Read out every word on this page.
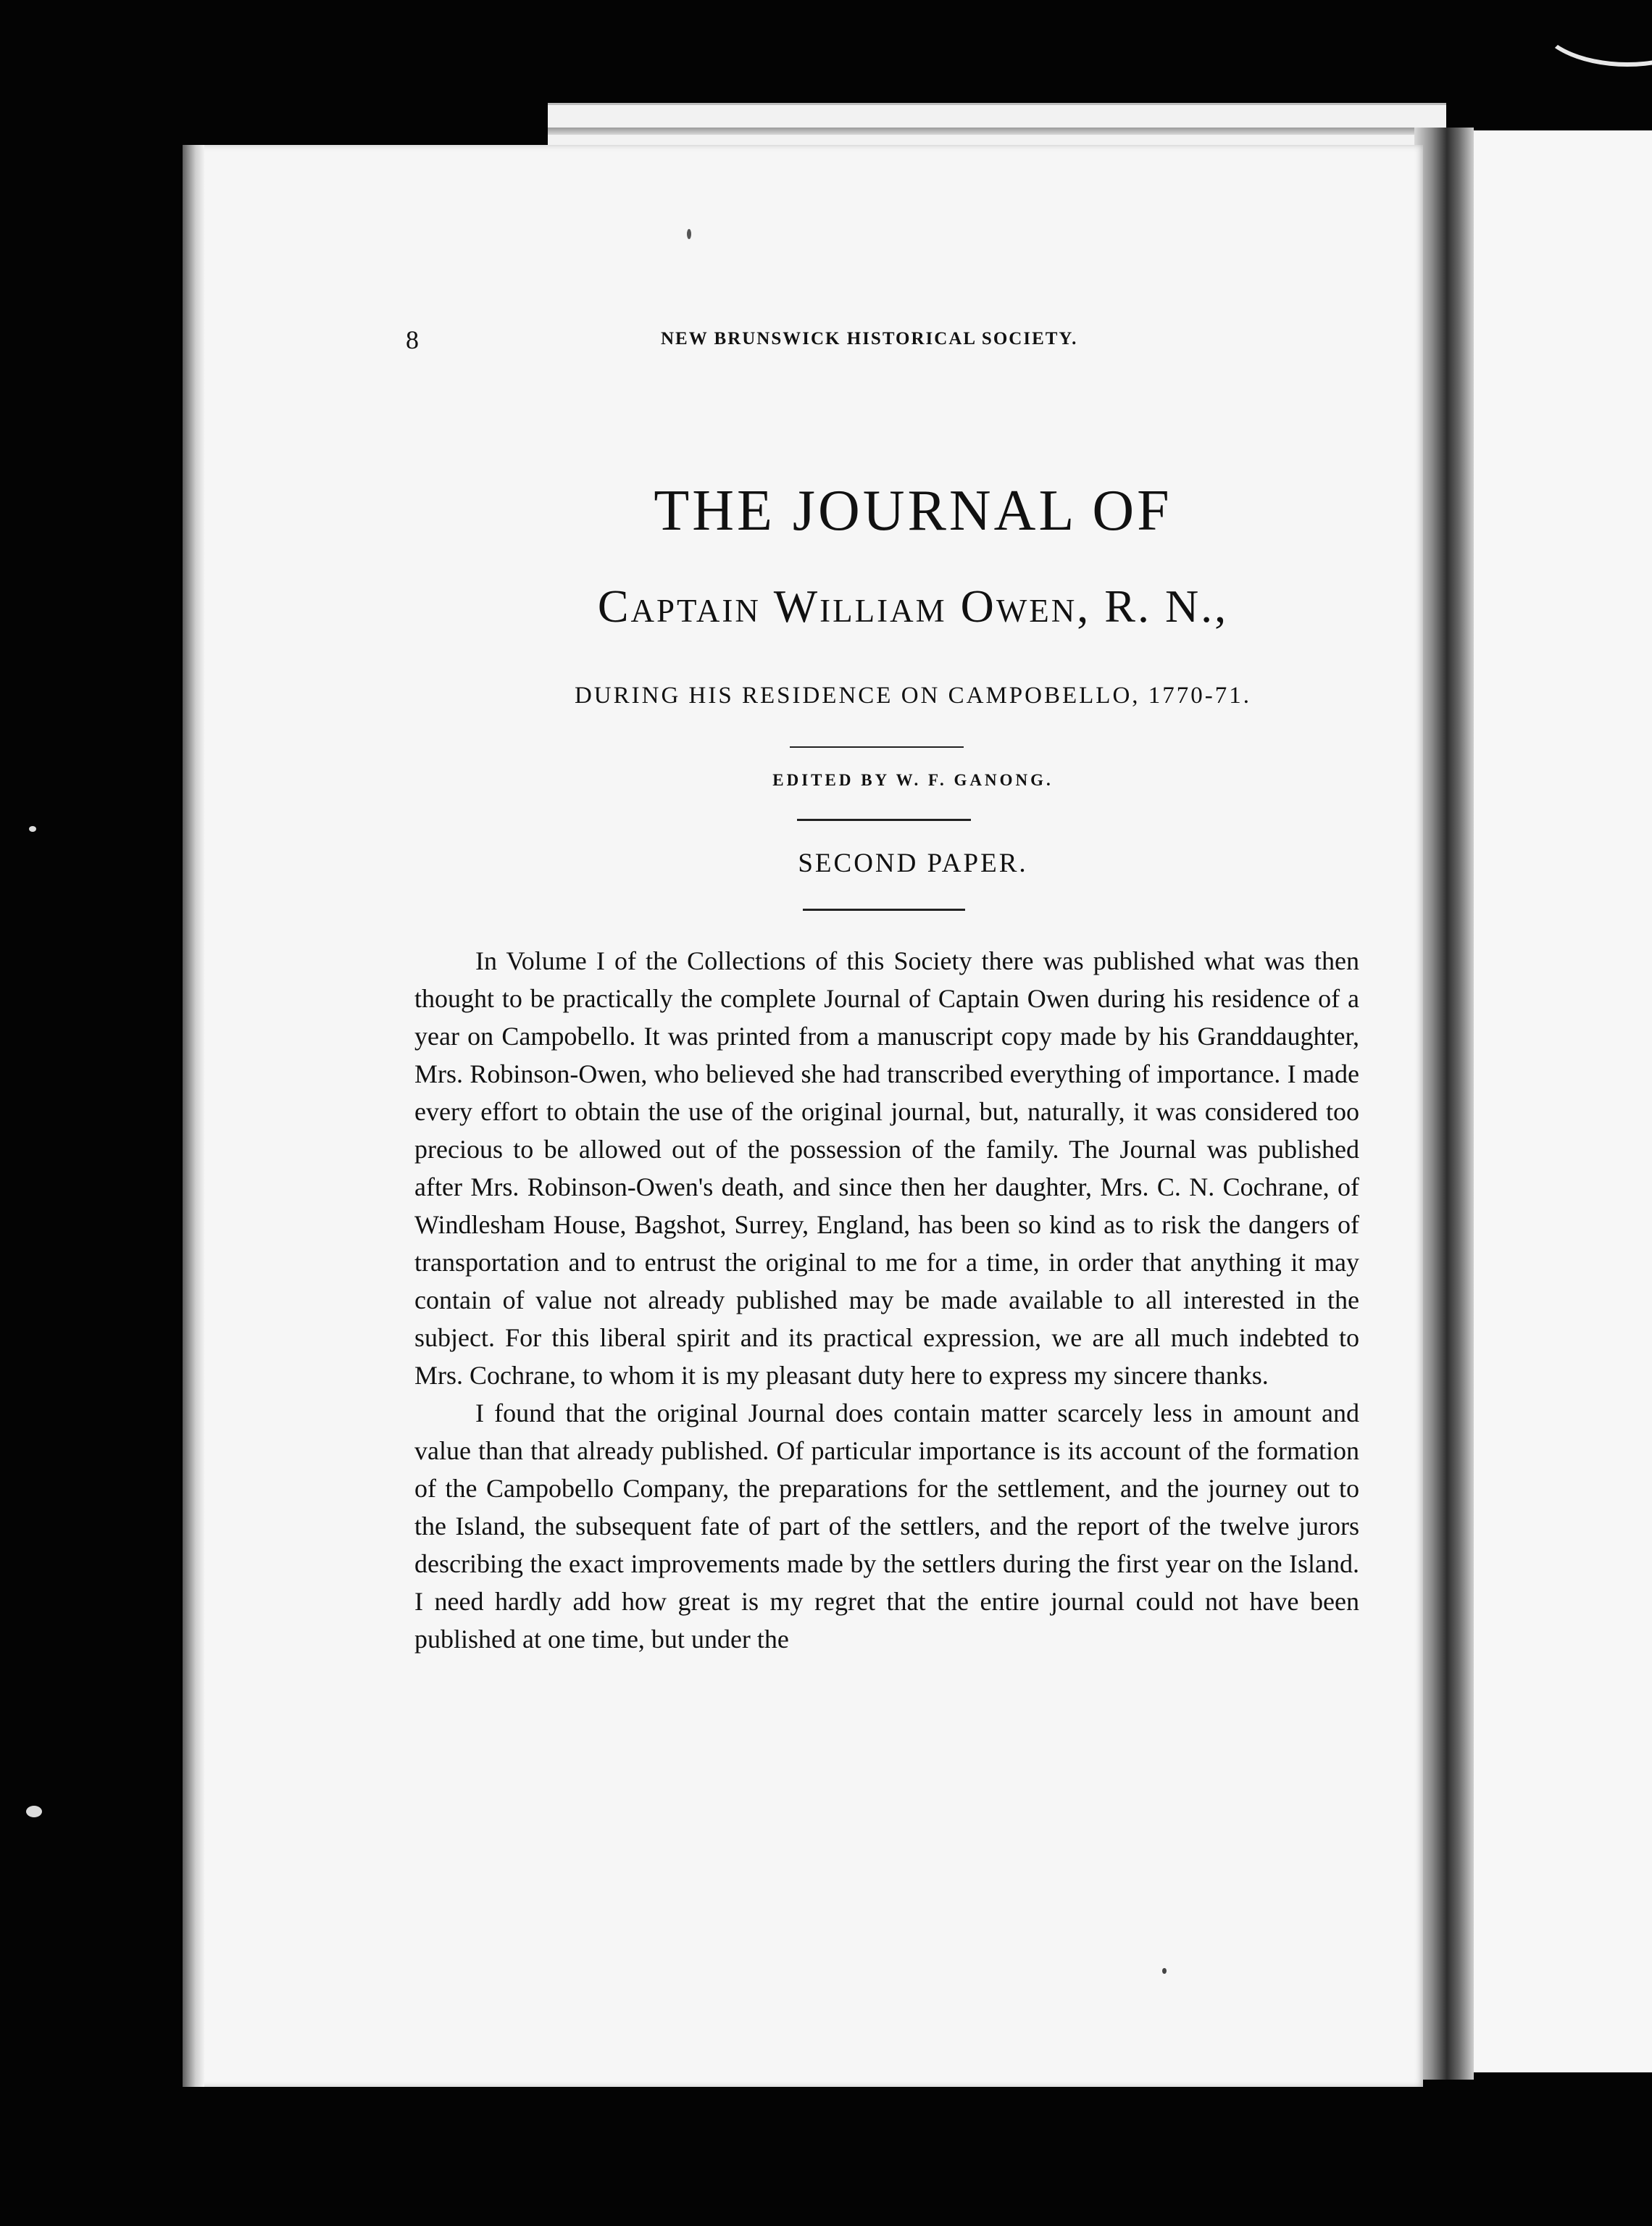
8	NEW BRUNSWICK HISTORICAL SOCIETY.
THE JOURNAL OF
Captain William Owen, R. N.,
DURING HIS RESIDENCE ON CAMPOBELLO, 1770-71.
EDITED BY W. F. GANONG.
SECOND PAPER.

In Volume I of the Collections of this Society there was published what was then thought to be practically the complete Journal of Captain Owen during his residence of a year on Campobello. It was printed from a manuscript copy made by his Granddaughter, Mrs. Robinson-Owen, who believed she had transcribed everything of importance. I made every effort to obtain the use of the original journal, but, naturally, it was considered too precious to be allowed out of the possession of the family. The Journal was published after Mrs. Robinson-Owen's death, and since then her daughter, Mrs. C. N. Cochrane, of Windlesham House, Bagshot, Surrey, England, has been so kind as to risk the dangers of transportation and to entrust the original to me for a time, in order that anything it may contain of value not already published may be made available to all interested in the subject. For this liberal spirit and its practical expression, we are all much indebted to Mrs. Cochrane, to whom it is my pleasant duty here to express my sincere thanks.

I found that the original Journal does contain matter scarcely less in amount and value than that already published. Of particular importance is its account of the formation of the Campobello Company, the preparations for the settlement, and the journey out to the Island, the subsequent fate of part of the settlers, and the report of the twelve jurors describing the exact improvements made by the settlers during the first year on the Island. I need hardly add how great is my regret that the entire journal could not have been published at one time, but under the
